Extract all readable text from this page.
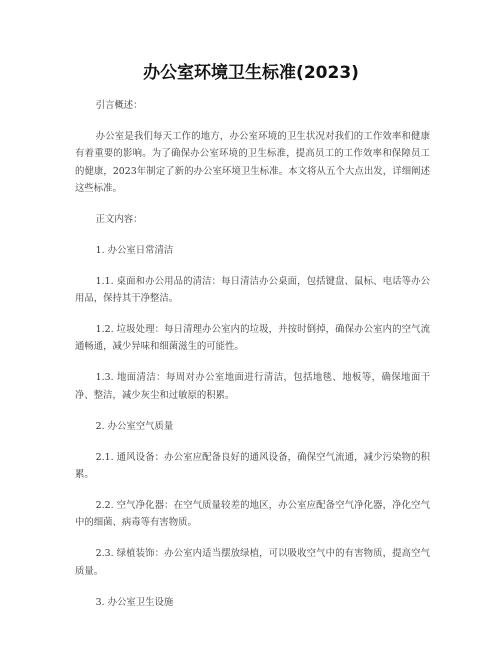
办公室环境卫生标准(2023)
引言概述：

办公室是我们每天工作的地方，办公室环境的卫生状况对我们的工作效率和健康有着重要的影响。为了确保办公室环境的卫生标准，提高员工的工作效率和保障员工的健康，2023年制定了新的办公室环境卫生标准。本文将从五个大点出发，详细阐述这些标准。

正文内容：
1. 办公室日常清洁

1.1. 桌面和办公用品的清洁：每日清洁办公桌面，包括键盘、鼠标、电话等办公用品，保持其干净整洁。

1.2. 垃圾处理：每日清理办公室内的垃圾，并按时倒掉，确保办公室内的空气流通畅通，减少异味和细菌滋生的可能性。

1.3. 地面清洁：每周对办公室地面进行清洁，包括地毯、地板等，确保地面干净、整洁，减少灰尘和过敏原的积累。

2. 办公室空气质量

2.1. 通风设备：办公室应配备良好的通风设备，确保空气流通，减少污染物的积累。

2.2. 空气净化器：在空气质量较差的地区，办公室应配备空气净化器，净化空气中的细菌、病毒等有害物质。

2.3. 绿植装饰：办公室内适当摆放绿植，可以吸收空气中的有害物质，提高空气质量。

3. 办公室卫生设施
